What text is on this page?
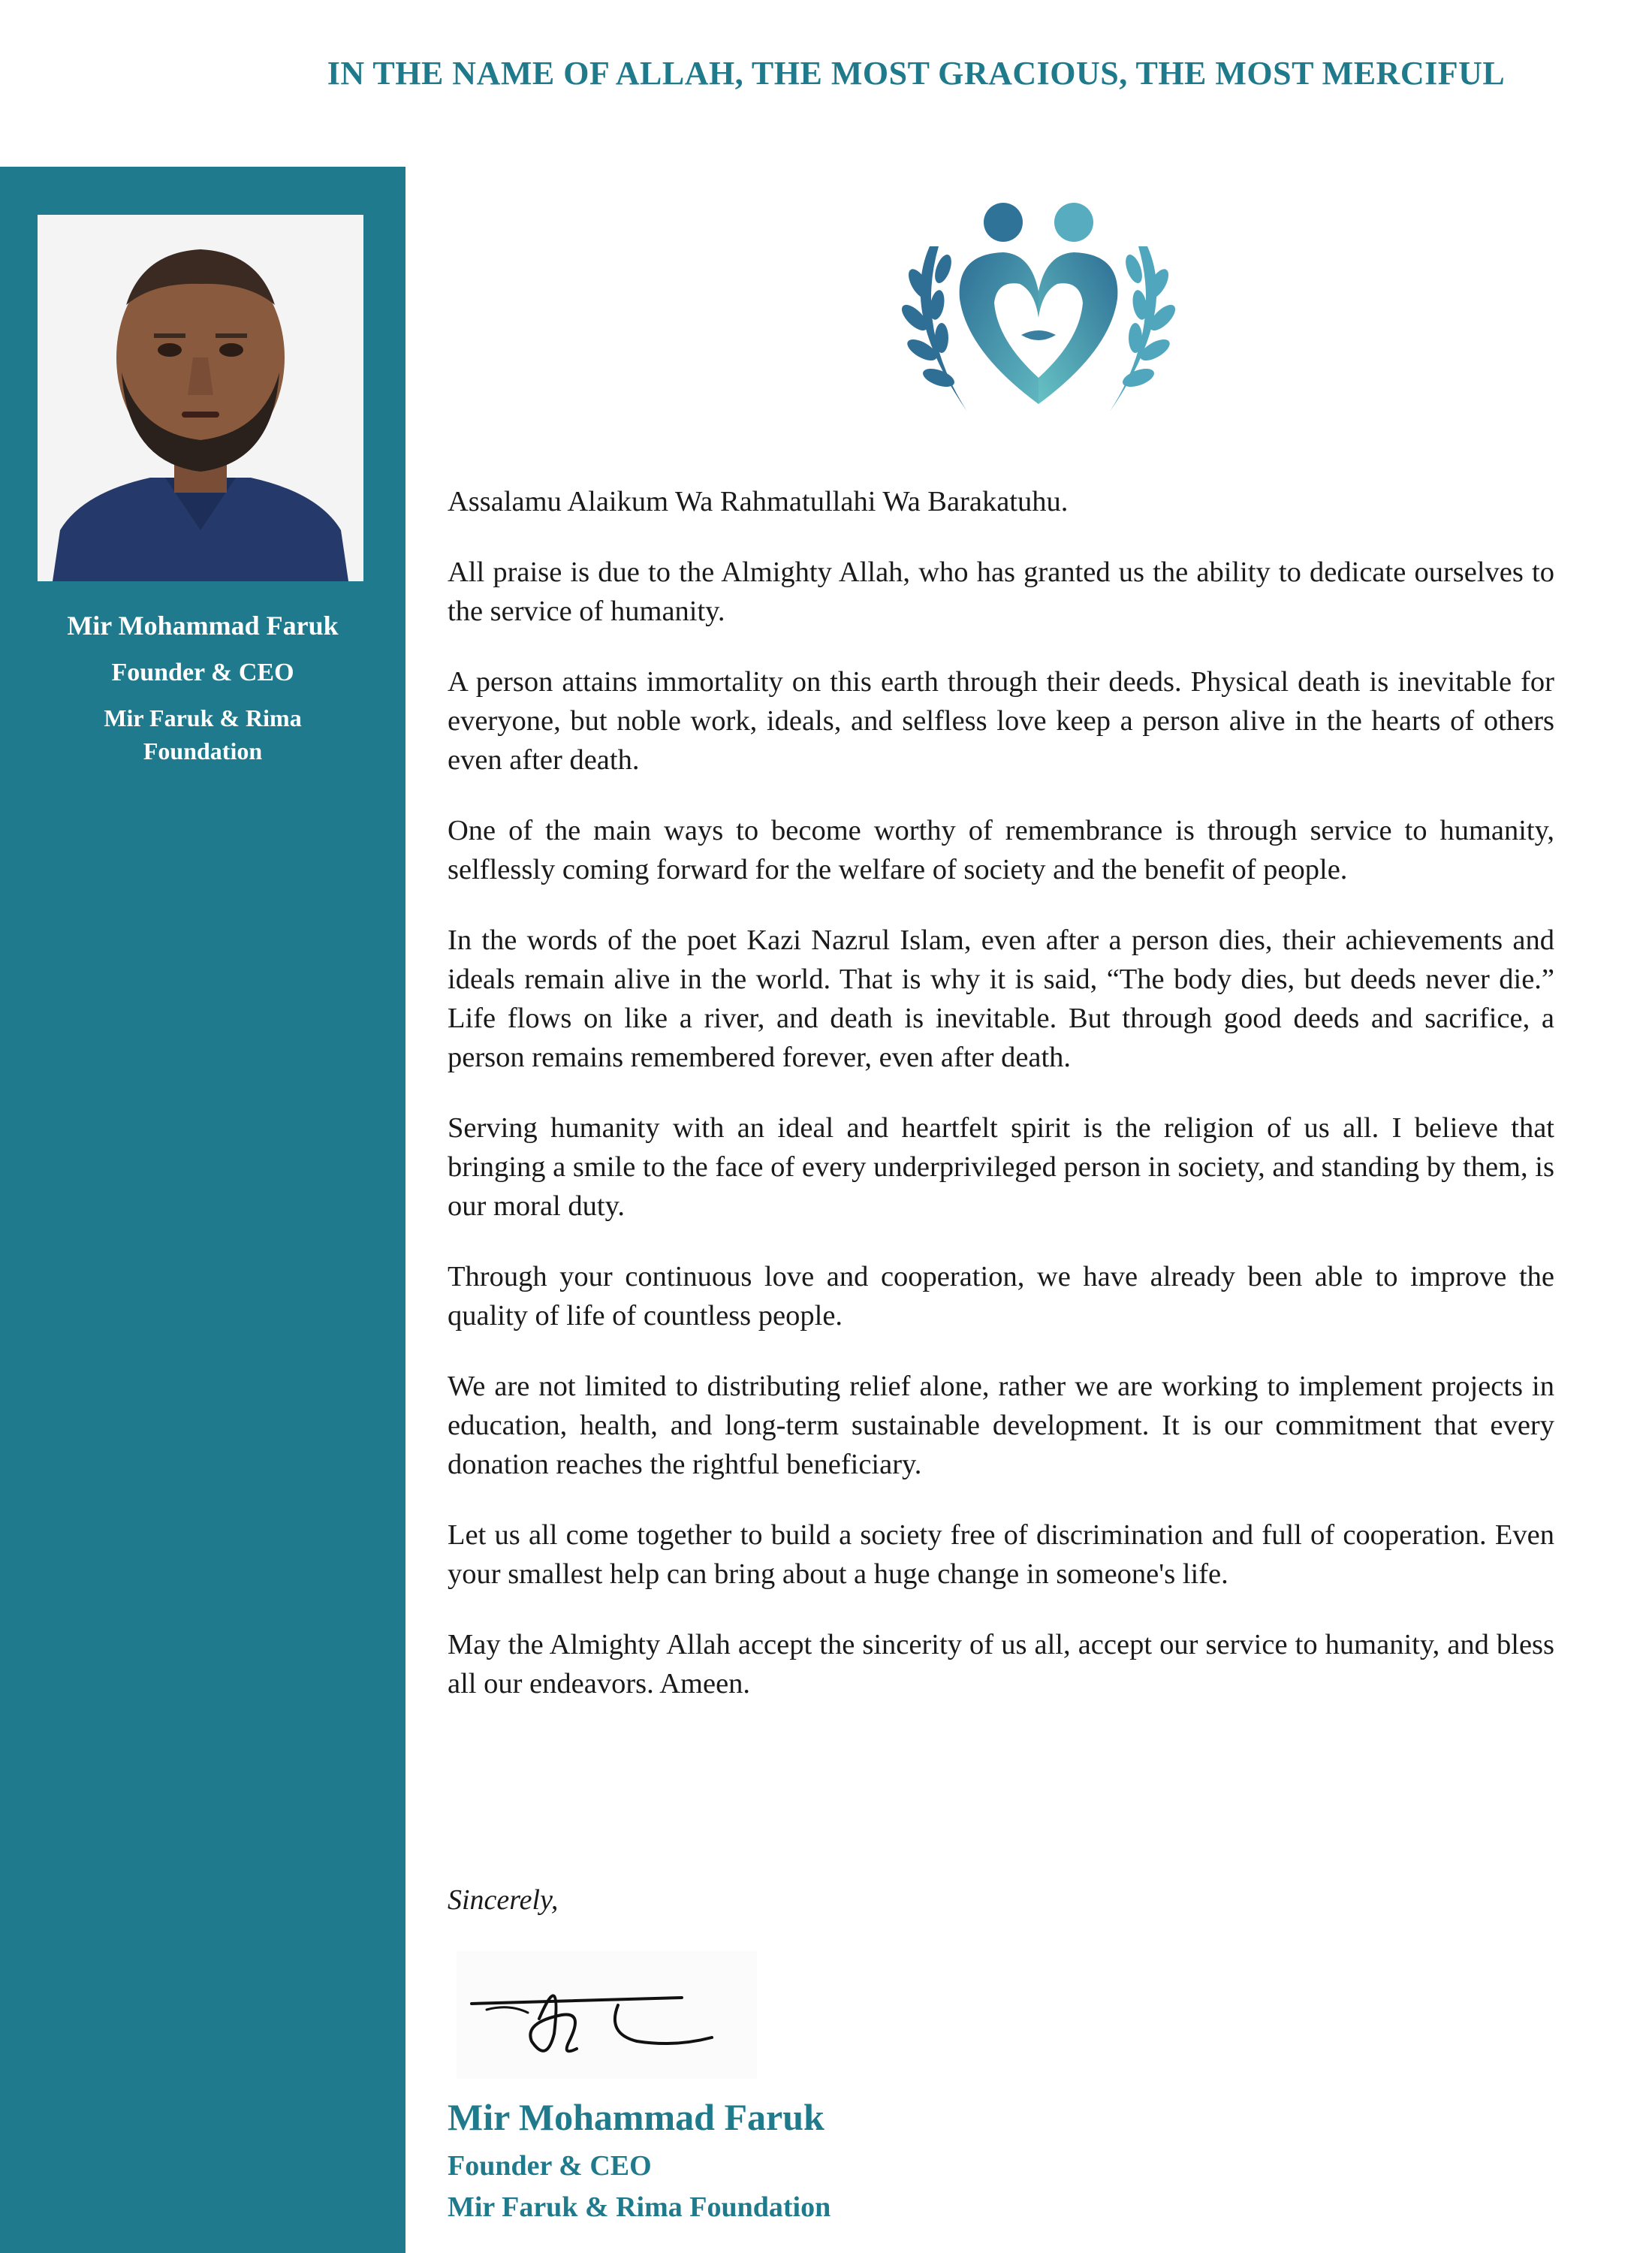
IN THE NAME OF ALLAH, THE MOST GRACIOUS, THE MOST MERCIFUL
Mir Mohammad Faruk
Founder & CEO
Mir Faruk & Rima Foundation

Assalamu Alaikum Wa Rahmatullahi Wa Barakatuhu.

All praise is due to the Almighty Allah, who has granted us the ability to dedicate ourselves to the service of humanity.

A person attains immortality on this earth through their deeds. Physical death is inevitable for everyone, but noble work, ideals, and selfless love keep a person alive in the hearts of others even after death.

One of the main ways to become worthy of remembrance is through service to humanity, selflessly coming forward for the welfare of society and the benefit of people.

In the words of the poet Kazi Nazrul Islam, even after a person dies, their achievements and ideals remain alive in the world. That is why it is said, “The body dies, but deeds never die.” Life flows on like a river, and death is inevitable. But through good deeds and sacrifice, a person remains remembered forever, even after death.

Serving humanity with an ideal and heartfelt spirit is the religion of us all. I believe that bringing a smile to the face of every underprivileged person in society, and standing by them, is our moral duty.

Through your continuous love and cooperation, we have already been able to improve the quality of life of countless people.

We are not limited to distributing relief alone, rather we are working to implement projects in education, health, and long-term sustainable development. It is our commitment that every donation reaches the rightful beneficiary.

Let us all come together to build a society free of discrimination and full of cooperation. Even your smallest help can bring about a huge change in someone's life.

May the Almighty Allah accept the sincerity of us all, accept our service to humanity, and bless all our endeavors. Ameen.

Sincerely,
Mir Mohammad Faruk
Founder & CEO
Mir Faruk & Rima Foundation
